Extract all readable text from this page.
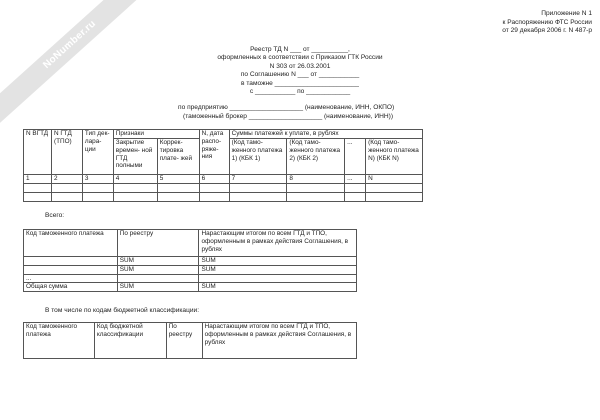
NoNumber.ru
Приложение N 1
к Распоряжению ФТС России
от 29 декабря 2006 г. N 487-р
Реестр ТД N ___ от __________,
оформленных в соответствии с Приказом ГТК России
N 303 от 26.03.2001
по Соглашению N ___ от ___________
в таможне _______________________
с ___________ по ____________
по предприятию ____________________ (наименование, ИНН, ОКПО)
(таможенный брокер ____________________ (наименование, ИНН))
N ВГТД	N ГТД (ТПО)	Тип дек- лара- ции	Признаки		N, дата распо- ряже- ния	Суммы платежей к уплате, в рублях			
			Закрытие времен- ной ГТД полными	Коррек- тировка плате- жей		(Код тамо- женного платежа 1) (КБК 1)	(Код тамо- женного платежа 2) (КБК 2)	...	(Код тамо- женного платежа N) (КБК N)
1	2	3	4	5	6	7	8	...	N

Всего:
Код таможенного платежа	По реестру	Нарастающим итогом по всем ГТД и ТПО, оформленным в рамках действия Соглашения, в рублях
	SUM	SUM
	SUM	SUM
...		
Общая сумма	SUM	SUM
В том числе по кодам бюджетной классификации:
Код таможенного платежа	Код бюджетной классификации	По реестру	Нарастающим итогом по всем ГТД и ТПО, оформленным в рамках действия Соглашения, в рублях
